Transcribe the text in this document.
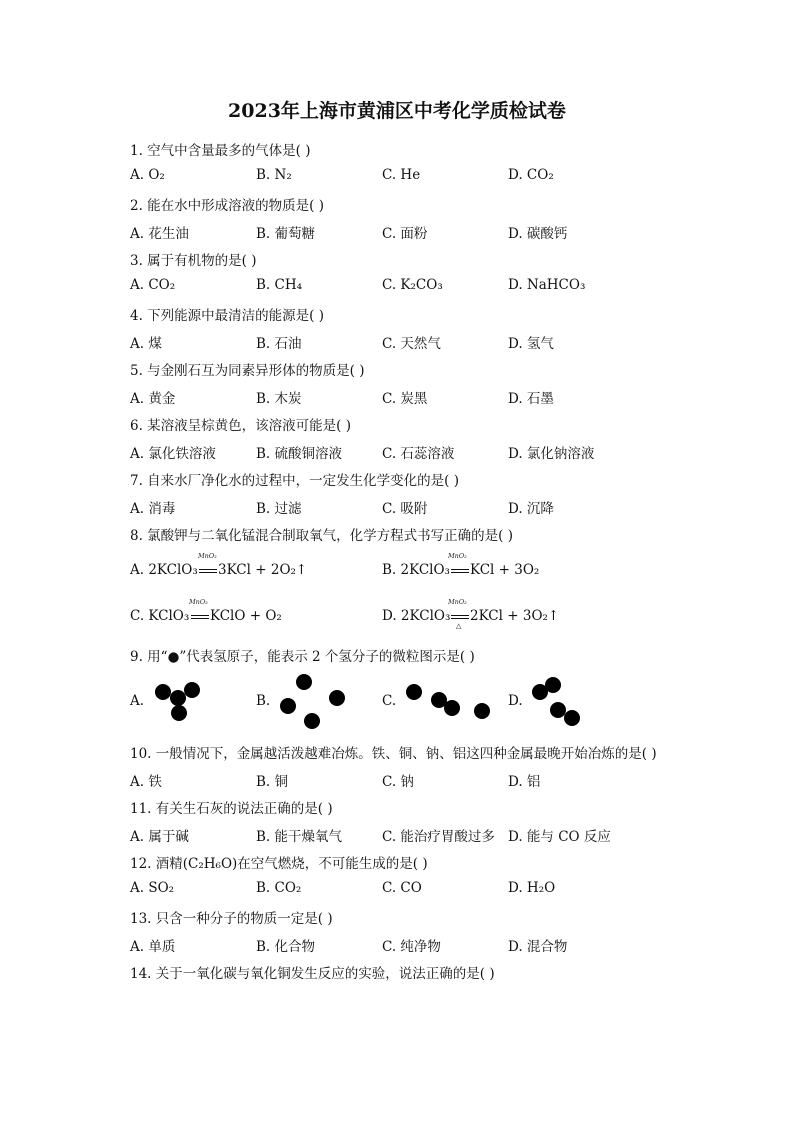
2023年上海市黄浦区中考化学质检试卷
1. 空气中含量最多的气体是( )
A. O₂	B. N₂	C. He	D. CO₂
2. 能在水中形成溶液的物质是( )
A. 花生油	B. 葡萄糖	C. 面粉	D. 碳酸钙
3. 属于有机物的是( )
A. CO₂	B. CH₄	C. K₂CO₃	D. NaHCO₃
4. 下列能源中最清洁的能源是( )
A. 煤	B. 石油	C. 天然气	D. 氢气
5. 与金刚石互为同素异形体的物质是( )
A. 黄金	B. 木炭	C. 炭黑	D. 石墨
6. 某溶液呈棕黄色，该溶液可能是( )
A. 氯化铁溶液	B. 硫酸铜溶液	C. 石蕊溶液	D. 氯化钠溶液
7. 自来水厂净化水的过程中，一定发生化学变化的是( )
A. 消毒	B. 过滤	C. 吸附	D. 沉降
8. 氯酸钾与二氧化锰混合制取氧气，化学方程式书写正确的是( )
A. 2KClO₃
MnO₂
3KCl + 2O₂↑	B. 2KClO₃
MnO₂
KCl + 3O₂
C. KClO₃
MnO₂
KClO + O₂	D. 2KClO₃
MnO₂
△
2KCl + 3O₂↑
9. 用“●”代表氢原子，能表示 2 个氢分子的微粒图示是( )
A.	B.	C.	D.
10. 一般情况下，金属越活泼越难冶炼。铁、铜、钠、铝这四种金属最晚开始冶炼的是( )
A. 铁	B. 铜	C. 钠	D. 铝
11. 有关生石灰的说法正确的是( )
A. 属于碱	B. 能干燥氧气	C. 能治疗胃酸过多 D. 能与 CO 反应
12. 酒精(C₂H₆O)在空气燃烧，不可能生成的是( )
A. SO₂	B. CO₂	C. CO	D. H₂O
13. 只含一种分子的物质一定是( )
A. 单质	B. 化合物	C. 纯净物	D. 混合物
14. 关于一氧化碳与氧化铜发生反应的实验，说法正确的是( )
